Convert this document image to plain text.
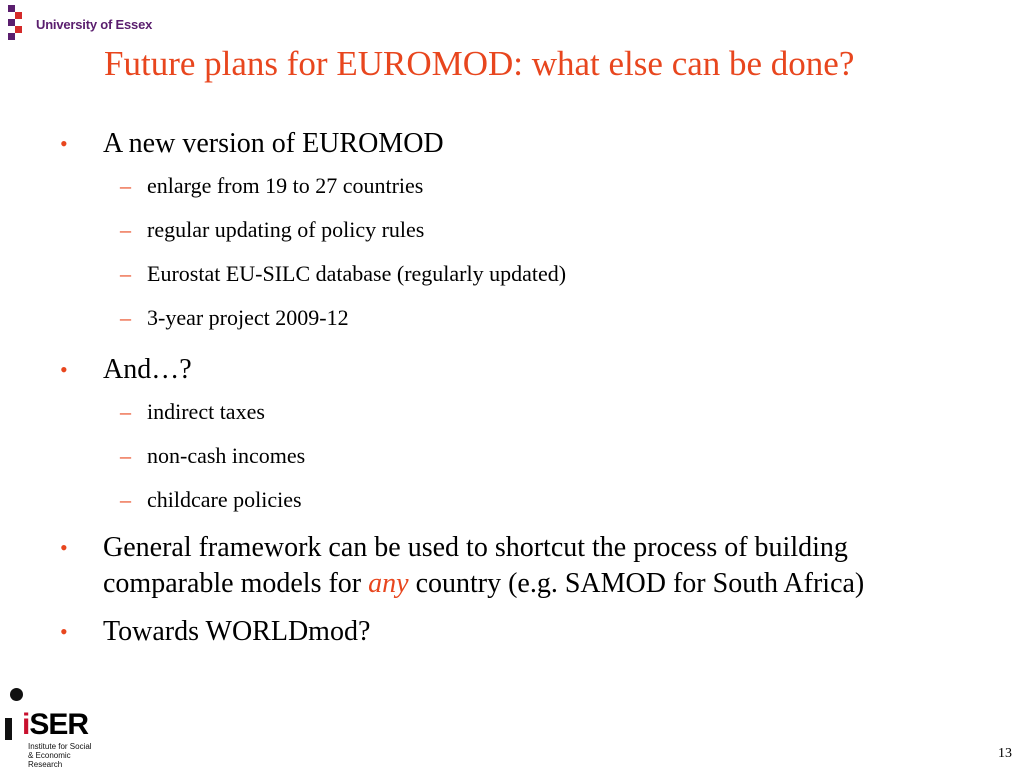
University of Essex
Future plans for EUROMOD: what else can be done?
•	A new version of EUROMOD
– enlarge from 19 to 27 countries
– regular updating of policy rules
– Eurostat EU-SILC database (regularly updated)
– 3-year project 2009-12
•	And…?
– indirect taxes
– non-cash incomes
– childcare policies
•	General framework can be used to shortcut the process of building comparable models for any country (e.g. SAMOD for South Africa)
•	Towards WORLDmod?
iSER
Institute for Social
& Economic Research
13
